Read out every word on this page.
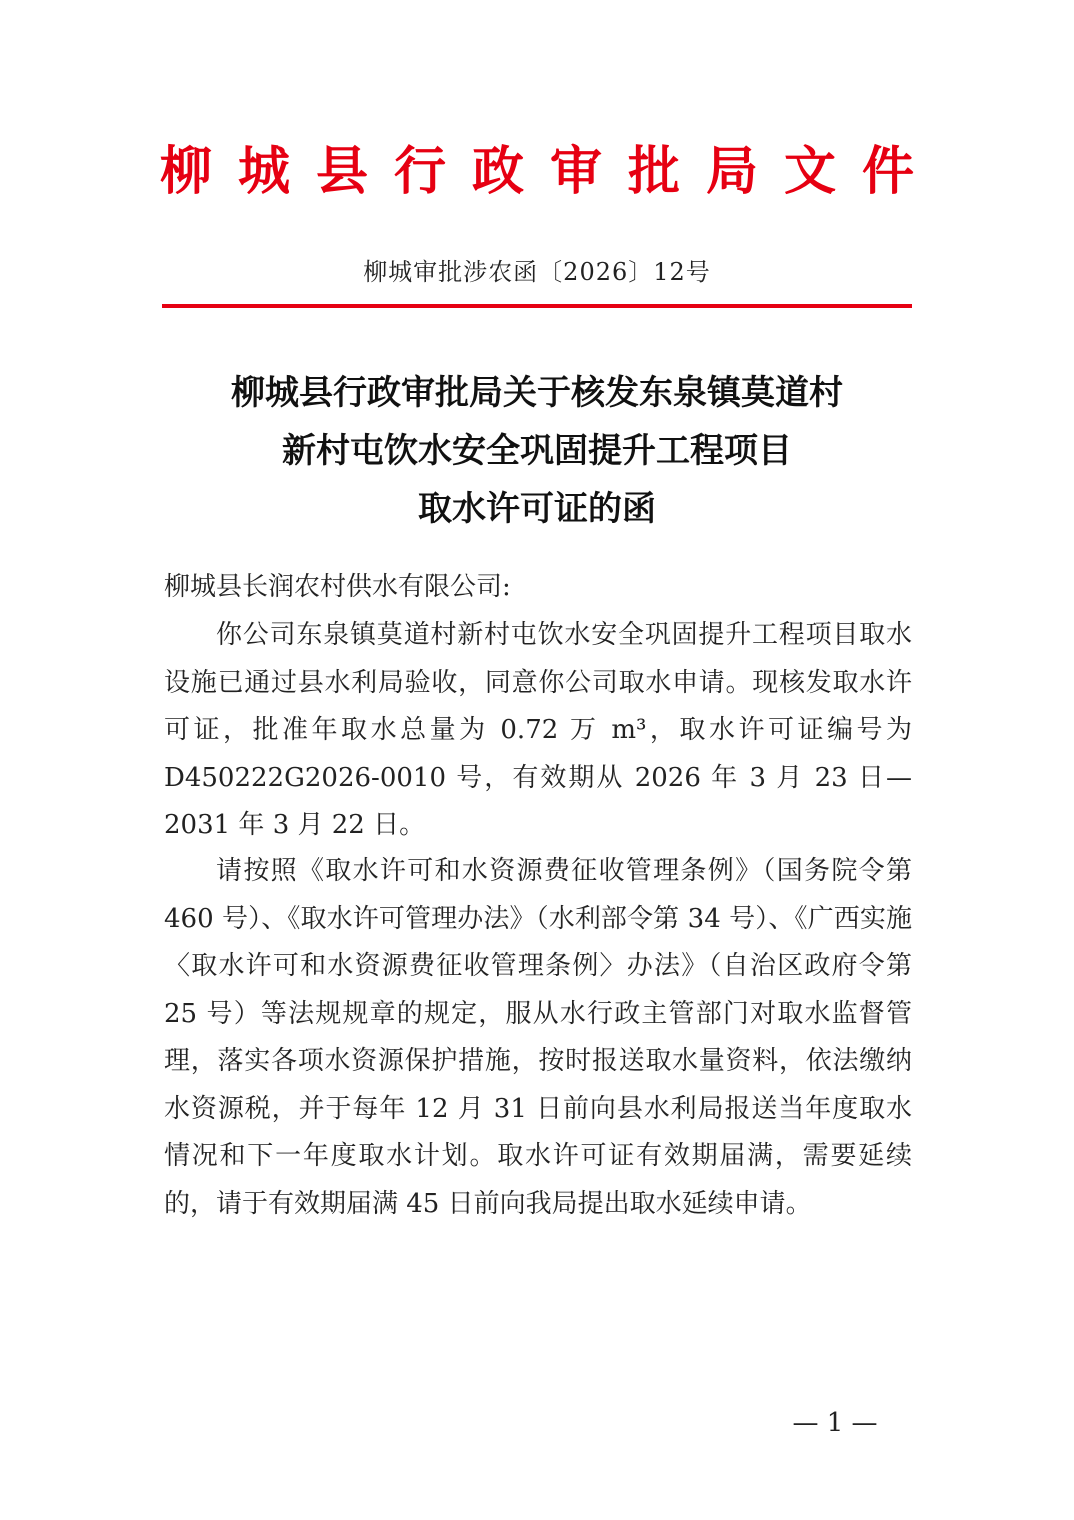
柳城县行政审批局文件
柳城审批涉农函〔2026〕12号
柳城县行政审批局关于核发东泉镇莫道村
新村屯饮水安全巩固提升工程项目
取水许可证的函
柳城县长润农村供水有限公司:

你公司东泉镇莫道村新村屯饮水安全巩固提升工程项目取水设施已通过县水利局验收，同意你公司取水申请。现核发取水许可证，批准年取水总量为 0.72 万 m³，取水许可证编号为 D450222G2026-0010 号，有效期从 2026 年 3 月 23 日—2031 年 3 月 22 日。

请按照《取水许可和水资源费征收管理条例》（国务院令第 460 号）、《取水许可管理办法》（水利部令第 34 号）、《广西实施〈取水许可和水资源费征收管理条例〉办法》（自治区政府令第 25 号）等法规规章的规定，服从水行政主管部门对取水监督管理，落实各项水资源保护措施，按时报送取水量资料，依法缴纳水资源税，并于每年 12 月 31 日前向县水利局报送当年度取水情况和下一年度取水计划。取水许可证有效期届满，需要延续的，请于有效期届满 45 日前向我局提出取水延续申请。

— 1 —
